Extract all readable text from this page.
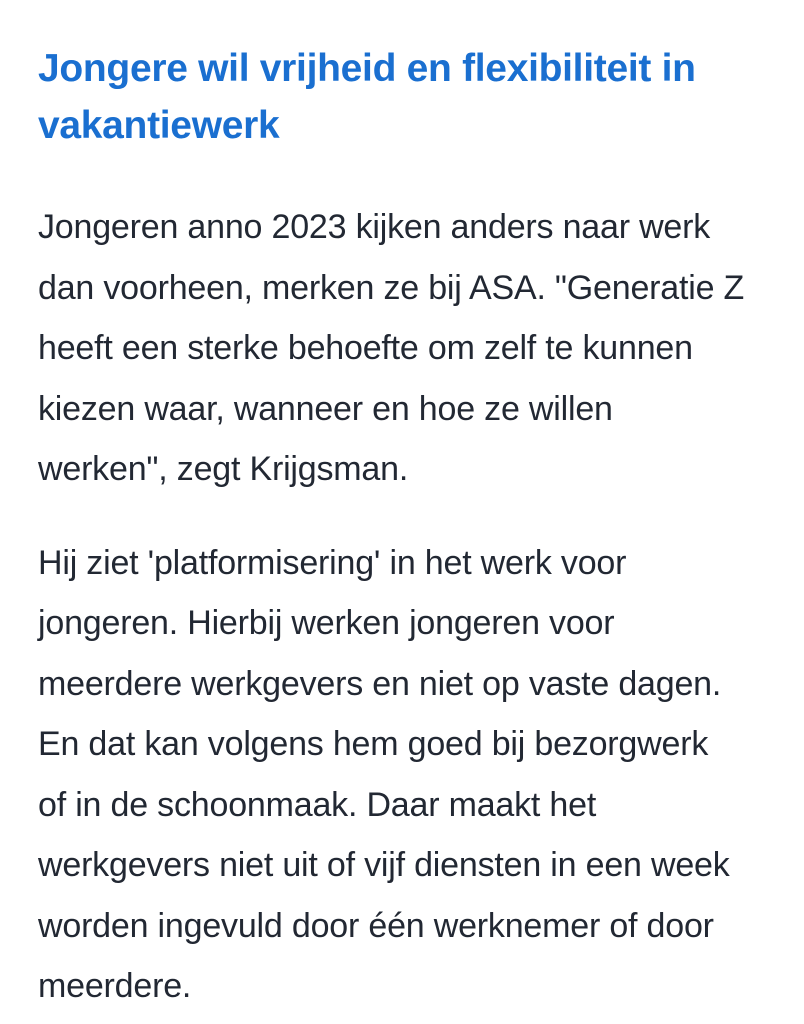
Jongere wil vrijheid en flexibiliteit in
vakantiewerk

Jongeren anno 2023 kijken anders naar werk
dan voorheen, merken ze bij ASA. "Generatie Z
heeft een sterke behoefte om zelf te kunnen
kiezen waar, wanneer en hoe ze willen
werken", zegt Krijgsman.

Hij ziet 'platformisering' in het werk voor
jongeren. Hierbij werken jongeren voor
meerdere werkgevers en niet op vaste dagen.
En dat kan volgens hem goed bij bezorgwerk
of in de schoonmaak. Daar maakt het
werkgevers niet uit of vijf diensten in een week
worden ingevuld door één werknemer of door
meerdere.
